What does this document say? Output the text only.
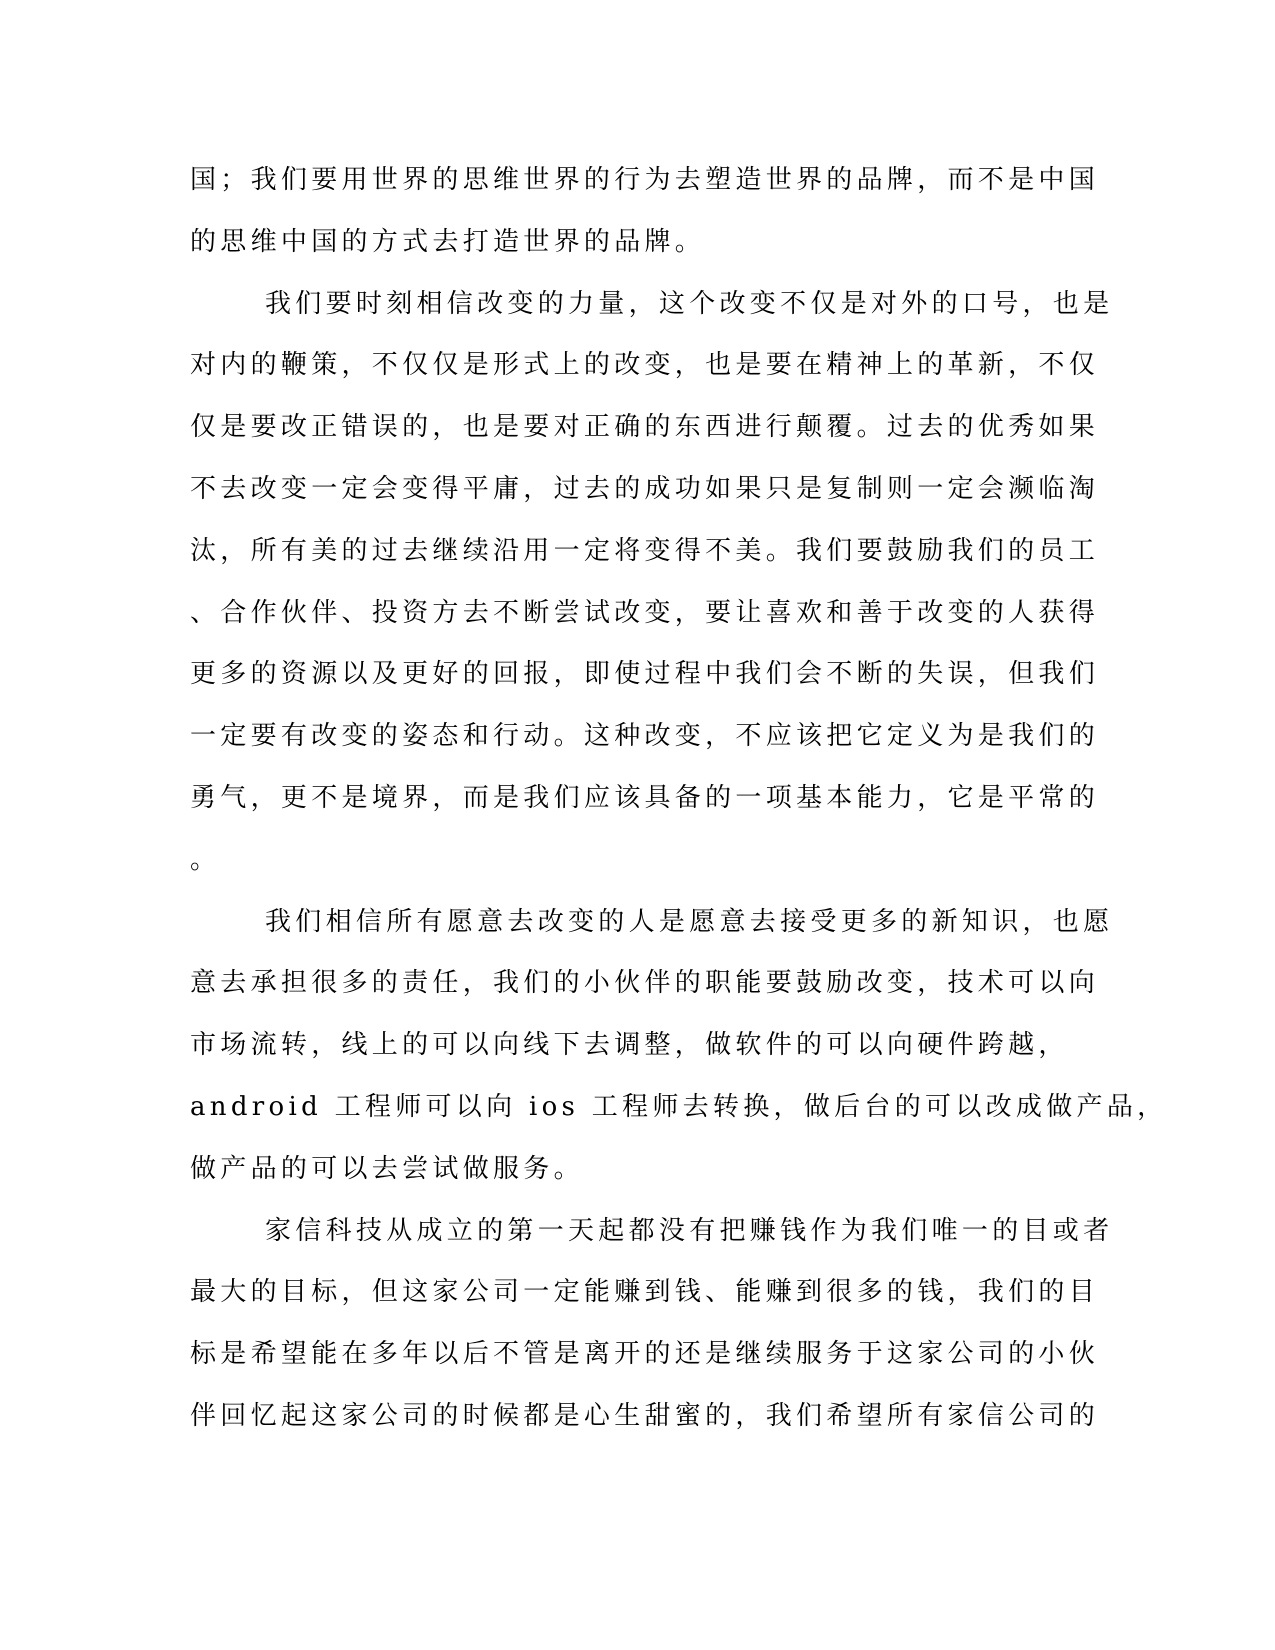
国；我们要用世界的思维世界的行为去塑造世界的品牌，而不是中国
的思维中国的方式去打造世界的品牌。
我们要时刻相信改变的力量，这个改变不仅是对外的口号，也是
对内的鞭策，不仅仅是形式上的改变，也是要在精神上的革新，不仅
仅是要改正错误的，也是要对正确的东西进行颠覆。过去的优秀如果
不去改变一定会变得平庸，过去的成功如果只是复制则一定会濒临淘
汰，所有美的过去继续沿用一定将变得不美。我们要鼓励我们的员工
、合作伙伴、投资方去不断尝试改变，要让喜欢和善于改变的人获得
更多的资源以及更好的回报，即使过程中我们会不断的失误，但我们
一定要有改变的姿态和行动。这种改变，不应该把它定义为是我们的
勇气，更不是境界，而是我们应该具备的一项基本能力，它是平常的
。
我们相信所有愿意去改变的人是愿意去接受更多的新知识，也愿
意去承担很多的责任，我们的小伙伴的职能要鼓励改变，技术可以向
市场流转，线上的可以向线下去调整，做软件的可以向硬件跨越，
android 工程师可以向 ios 工程师去转换，做后台的可以改成做产品，
做产品的可以去尝试做服务。
家信科技从成立的第一天起都没有把赚钱作为我们唯一的目或者
最大的目标，但这家公司一定能赚到钱、能赚到很多的钱，我们的目
标是希望能在多年以后不管是离开的还是继续服务于这家公司的小伙
伴回忆起这家公司的时候都是心生甜蜜的，我们希望所有家信公司的
